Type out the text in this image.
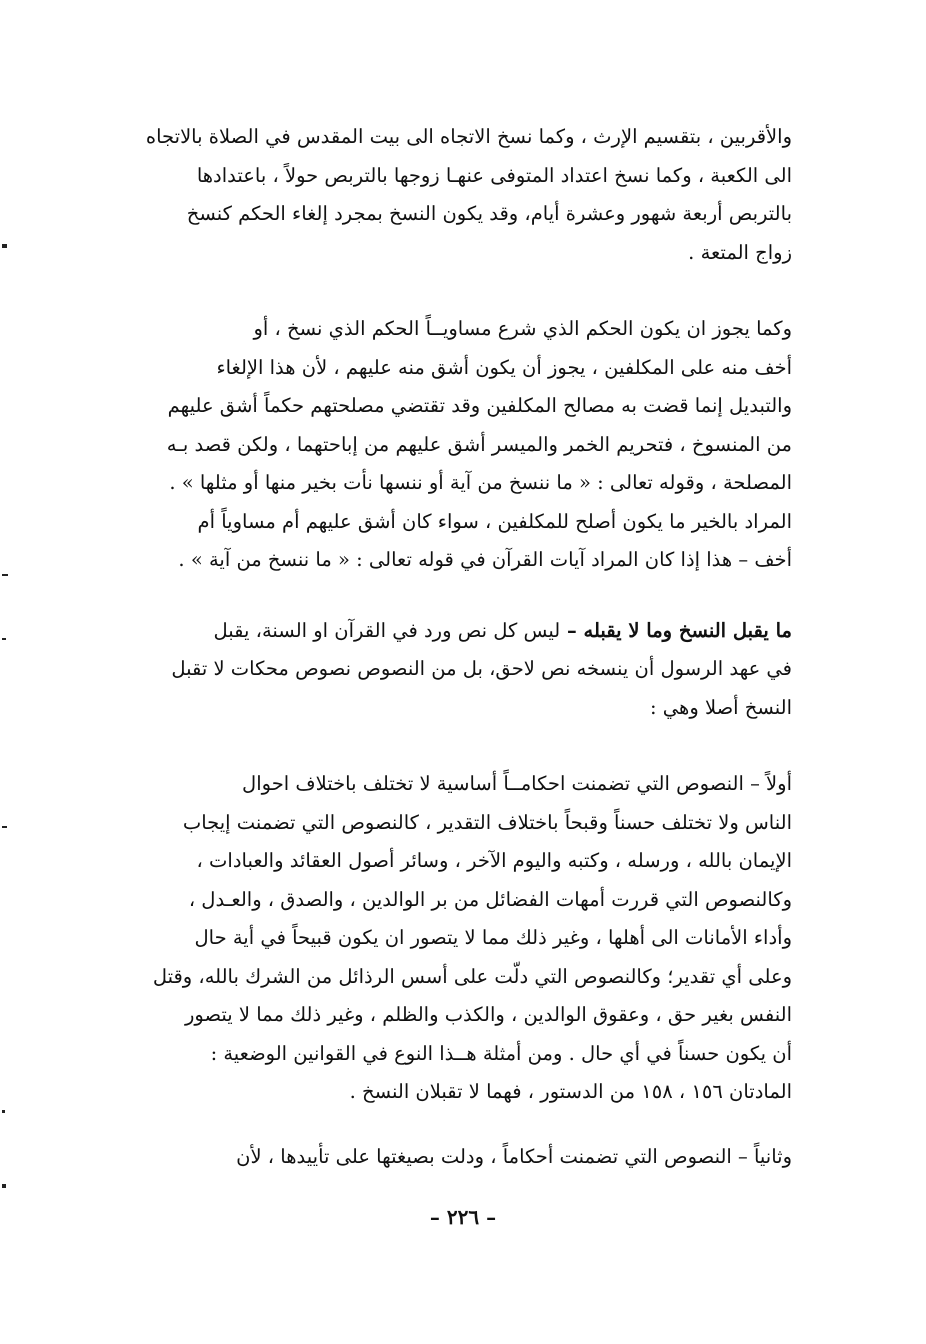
والأقربين ، بتقسيم الإرث ، وكما نسخ الاتجاه الى بيت المقدس في الصلاة بالاتجاه
الى الكعبة ، وكما نسخ اعتداد المتوفى عنهـا زوجها بالتربص حولاً ، باعتدادها
بالتربص أربعة شهور وعشرة أيام، وقد يكون النسخ بمجرد إلغاء الحكم كنسخ
زواج المتعة .
وكما يجوز ان يكون الحكم الذي شرع مساويــاً الحكم الذي نسخ ، أو
أخف منه على المكلفين ، يجوز أن يكون أشق منه عليهم ، لأن هذا الإلغاء
والتبديل إنما قضت به مصالح المكلفين وقد تقتضي مصلحتهم حكماً أشق عليهم
من المنسوخ ، فتحريم الخمر والميسر أشق عليهم من إباحتهما ، ولكن قصد بـه
المصلحة ، وقوله تعالى : « ما ننسخ من آية أو ننسها نأت بخير منها أو مثلها » .
المراد بالخير ما يكون أصلح للمكلفين ، سواء كان أشق عليهم أم مساوياً أم
أخف – هذا إذا كان المراد آيات القرآن في قوله تعالى : « ما ننسخ من آية » .
ما يقبل النسخ وما لا يقبله – ليس كل نص ورد في القرآن او السنة، يقبل
في عهد الرسول أن ينسخه نص لاحق، بل من النصوص نصوص محكات لا تقبل
النسخ أصلا وهي :
أولاً – النصوص التي تضمنت احكامــاً أساسية لا تختلف باختلاف احوال
الناس ولا تختلف حسناً وقبحاً باختلاف التقدير ، كالنصوص التي تضمنت إيجاب
الإيمان بالله ، ورسله ، وكتبه واليوم الآخر ، وسائر أصول العقائد والعبادات ،
وكالنصوص التي قررت أمهات الفضائل من بر الوالدين ، والصدق ، والعـدل ،
وأداء الأمانات الى أهلها ، وغير ذلك مما لا يتصور ان يكون قبيحاً في أية حال
وعلى أي تقدير؛ وكالنصوص التي دلّت على أسس الرذائل من الشرك بالله، وقتل
النفس بغير حق ، وعقوق الوالدين ، والكذب والظلم ، وغير ذلك مما لا يتصور
أن يكون حسناً في أي حال . ومن أمثلة هــذا النوع في القوانين الوضعية :
المادتان ١٥٦ ، ١٥٨ من الدستور ، فهما لا تقبلان النسخ .
وثانياً – النصوص التي تضمنت أحكاماً ، ودلت بصيغتها على تأييدها ، لأن
– ٢٢٦ –
